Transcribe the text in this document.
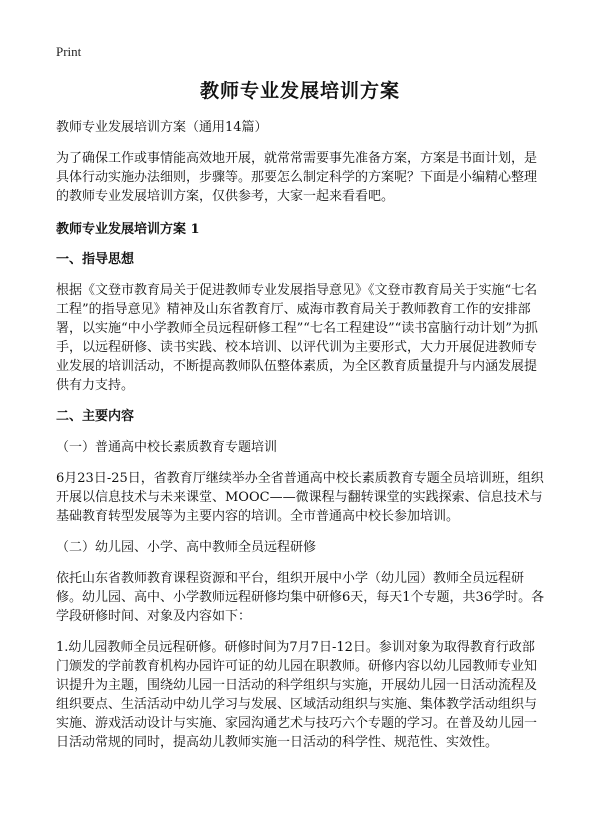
Print
教师专业发展培训方案

教师专业发展培训方案（通用14篇）

为了确保工作或事情能高效地开展，就常常需要事先准备方案，方案是书面计划，是具体行动实施办法细则，步骤等。那要怎么制定科学的方案呢？下面是小编精心整理的教师专业发展培训方案，仅供参考，大家一起来看看吧。

教师专业发展培训方案 1

一、指导思想

根据《文登市教育局关于促进教师专业发展指导意见》《文登市教育局关于实施“七名工程”的指导意见》精神及山东省教育厅、威海市教育局关于教师教育工作的安排部署，以实施“中小学教师全员远程研修工程”“七名工程建设”“读书富脑行动计划”为抓手，以远程研修、读书实践、校本培训、以评代训为主要形式，大力开展促进教师专业发展的培训活动，不断提高教师队伍整体素质，为全区教育质量提升与内涵发展提供有力支持。

二、主要内容

（一）普通高中校长素质教育专题培训

6月23日-25日，省教育厅继续举办全省普通高中校长素质教育专题全员培训班，组织开展以信息技术与未来课堂、MOOC——微课程与翻转课堂的实践探索、信息技术与基础教育转型发展等为主要内容的培训。全市普通高中校长参加培训。

（二）幼儿园、小学、高中教师全员远程研修

依托山东省教师教育课程资源和平台，组织开展中小学（幼儿园）教师全员远程研修。幼儿园、高中、小学教师远程研修均集中研修6天，每天1个专题，共36学时。各学段研修时间、对象及内容如下：

1.幼儿园教师全员远程研修。研修时间为7月7日-12日。参训对象为取得教育行政部门颁发的学前教育机构办园许可证的幼儿园在职教师。研修内容以幼儿园教师专业知识提升为主题，围绕幼儿园一日活动的科学组织与实施，开展幼儿园一日活动流程及组织要点、生活活动中幼儿学习与发展、区域活动组织与实施、集体教学活动组织与实施、游戏活动设计与实施、家园沟通艺术与技巧六个专题的学习。在普及幼儿园一日活动常规的同时，提高幼儿教师实施一日活动的科学性、规范性、实效性。
